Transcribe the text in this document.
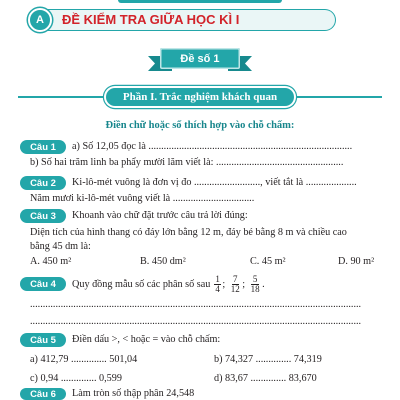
A	ĐỀ KIỂM TRA GIỮA HỌC KÌ I
Đề số 1
Phần I. Trắc nghiệm khách quan
Điền chữ hoặc số thích hợp vào chỗ chấm:
Câu 1	a) Số 12,05 đọc là ................................................................................
b) Số hai trăm linh ba phẩy mười lăm viết là: ..................................................
Câu 2	Ki-lô-mét vuông là đơn vị đo .........................., viết tắt là ....................
Năm mươi ki-lô-mét vuông viết là ................................
Câu 3	Khoanh vào chữ đặt trước câu trả lời đúng:
Diện tích của hình thang có đáy lớn bằng 12 m, đáy bé bằng 8 m và chiều cao
bằng 45 dm là:
A. 450 m²	B. 450 dm²	C. 45 m²	D. 90 m²
Câu 4	Quy đồng mẫu số các phân số sau $\frac{1}{4}$ ; $\frac{7}{12}$ ; $\frac{5}{18}$ .
..................................................................................................................................
..................................................................................................................................
Câu 5	Điền dấu >, < hoặc = vào chỗ chấm:
a) 412,79 .............. 501,04	b) 74,327 .............. 74,319
c) 0,94 .............. 0,599	d) 83,67 .............. 83,670
Câu 6	Làm tròn số thập phân 24,548
